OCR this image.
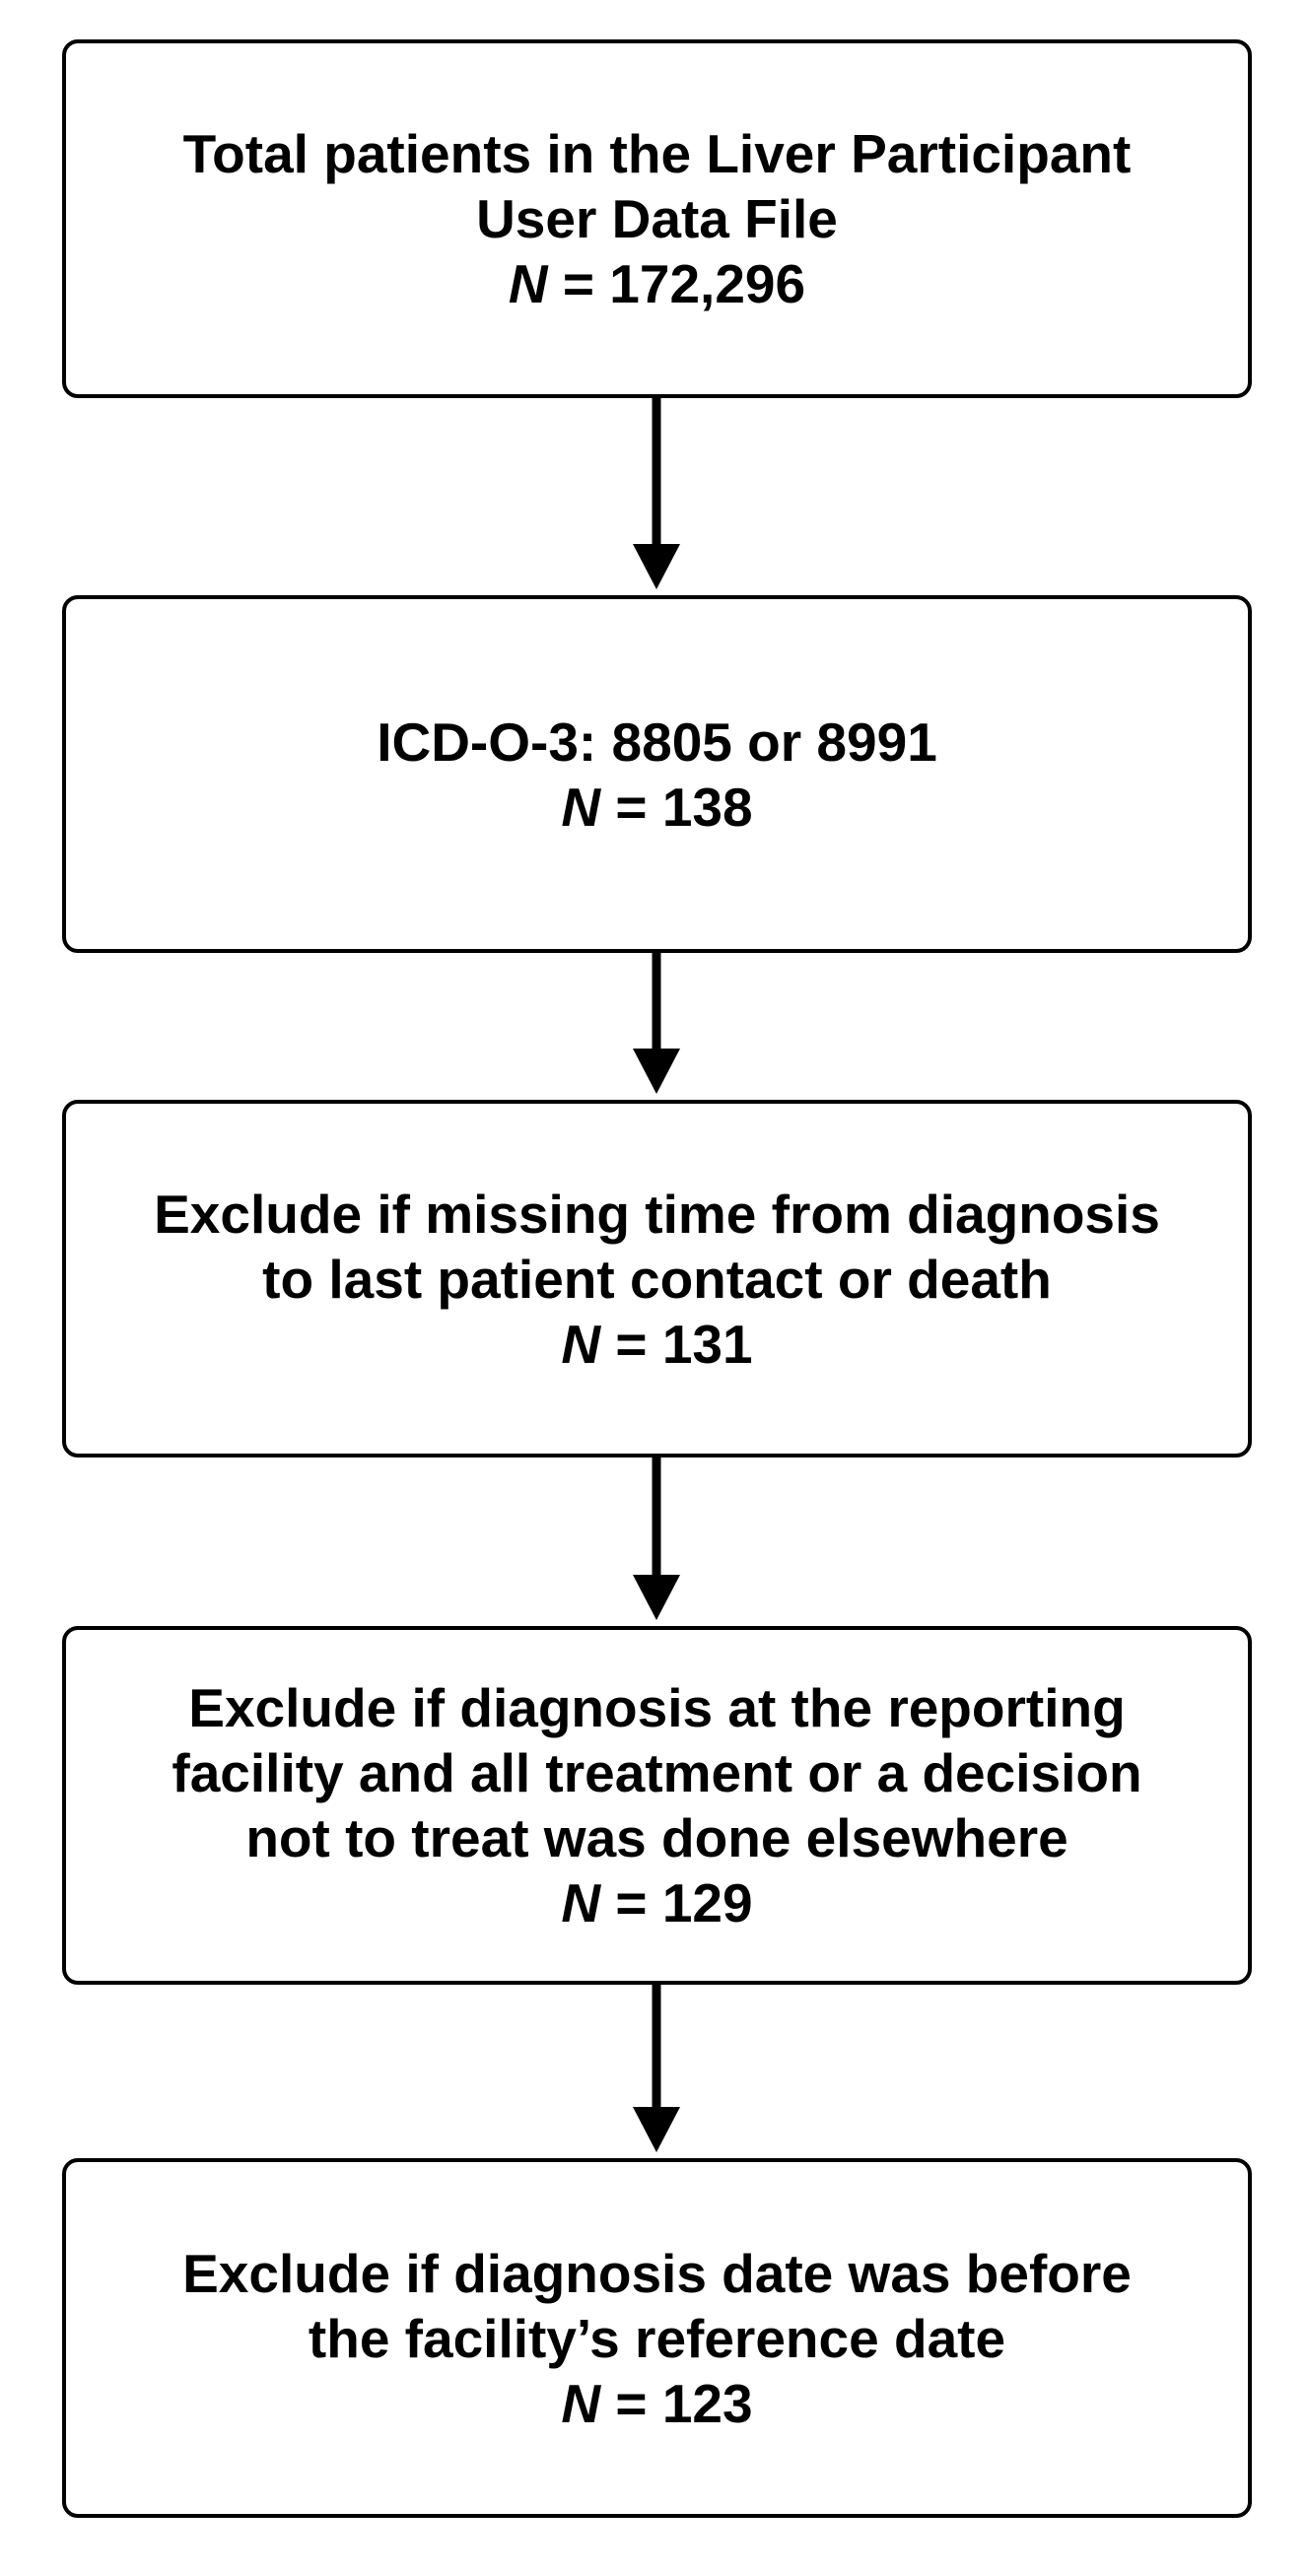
Total patients in the Liver Participant
User Data File
N = 172,296
ICD-O-3: 8805 or 8991
N = 138
Exclude if missing time from diagnosis
to last patient contact or death
N = 131
Exclude if diagnosis at the reporting
facility and all treatment or a decision
not to treat was done elsewhere
N = 129
Exclude if diagnosis date was before
the facility’s reference date
N = 123
